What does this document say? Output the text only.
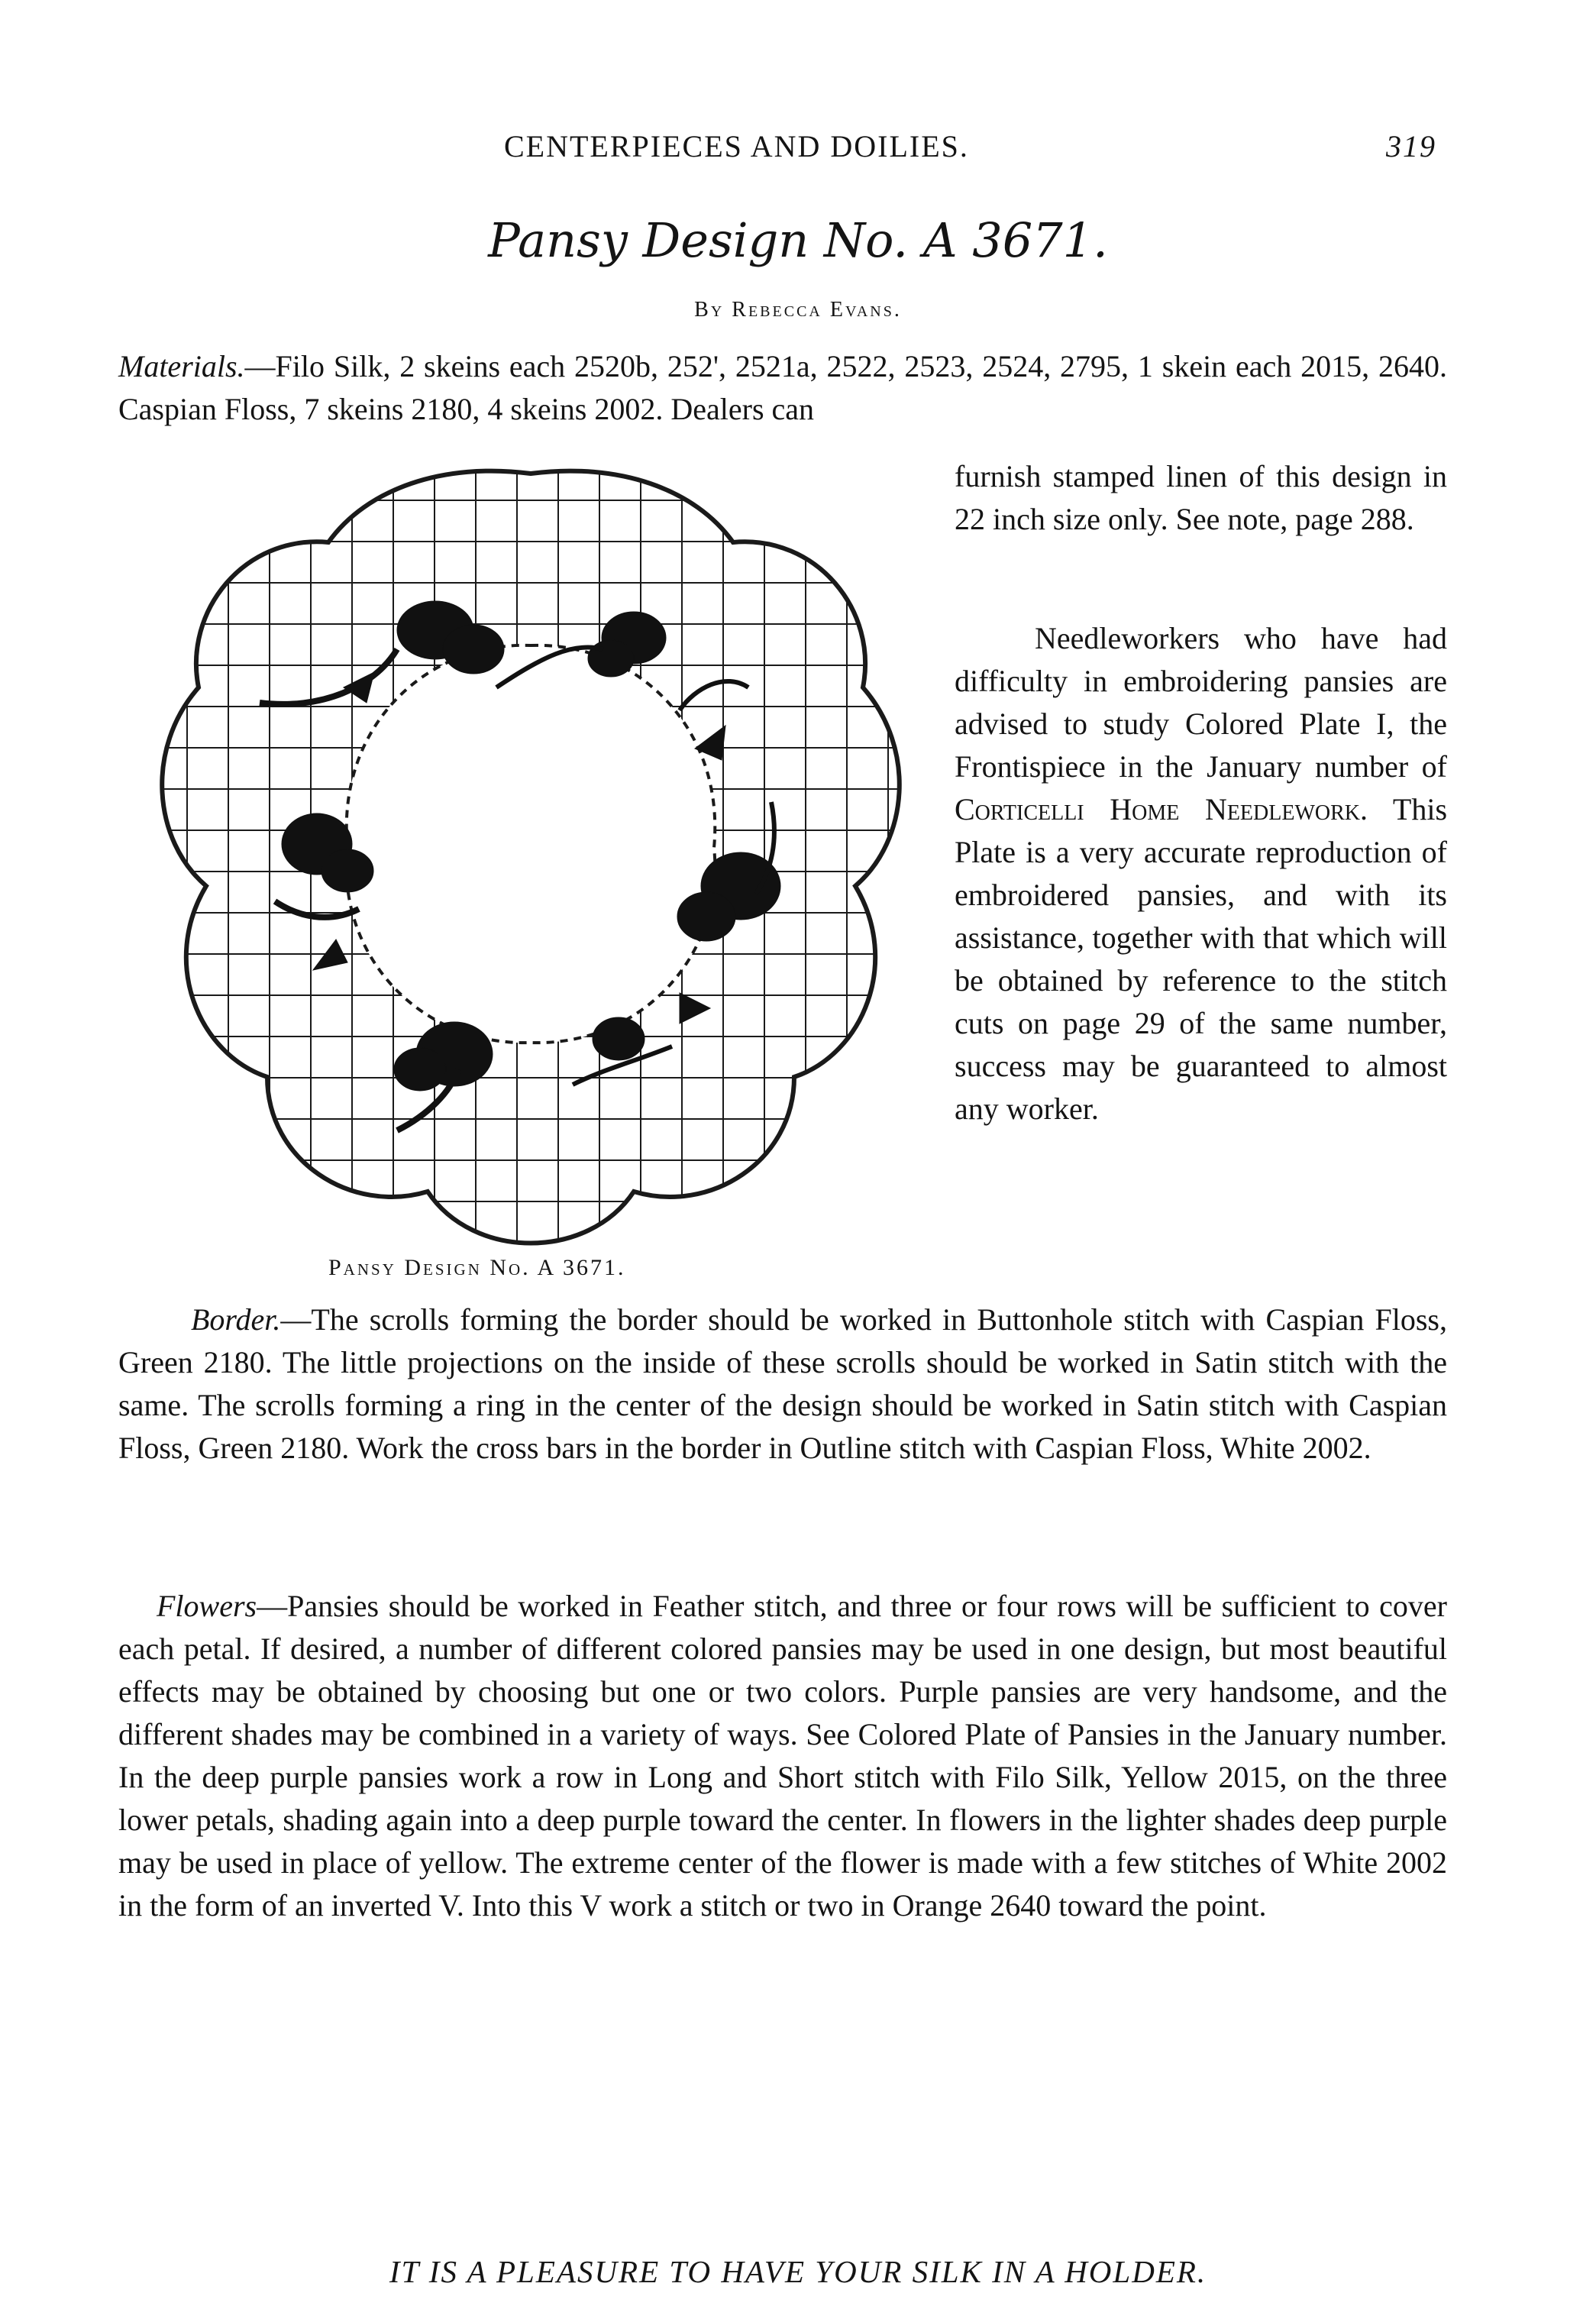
CENTERPIECES AND DOILIES.	319
Pansy Design No. A 3671.
By Rebecca Evans.
Materials.—Filo Silk, 2 skeins each 2520b, 252', 2521a, 2522, 2523, 2524, 2795, 1 skein each 2015, 2640. Caspian Floss, 7 skeins 2180, 4 skeins 2002. Dealers can
furnish stamped linen of this design in 22 inch size only. See note, page 288.
Needleworkers who have had difficulty in embroidering pansies are advised to study Colored Plate I, the Frontispiece in the January number of Corticelli Home Needlework. This Plate is a very accurate reproduction of embroidered pansies, and with its assistance, together with that which will be obtained by reference to the stitch cuts on page 29 of the same number, success may be guaranteed to almost any worker.
Pansy Design No. A 3671.
Border.—The scrolls forming the border should be worked in Buttonhole stitch with Caspian Floss, Green 2180. The little projections on the inside of these scrolls should be worked in Satin stitch with the same. The scrolls forming a ring in the center of the design should be worked in Satin stitch with Caspian Floss, Green 2180. Work the cross bars in the border in Outline stitch with Caspian Floss, White 2002.
Flowers—Pansies should be worked in Feather stitch, and three or four rows will be sufficient to cover each petal. If desired, a number of different colored pansies may be used in one design, but most beautiful effects may be obtained by choosing but one or two colors. Purple pansies are very handsome, and the different shades may be combined in a variety of ways. See Colored Plate of Pansies in the January number. In the deep purple pansies work a row in Long and Short stitch with Filo Silk, Yellow 2015, on the three lower petals, shading again into a deep purple toward the center. In flowers in the lighter shades deep purple may be used in place of yellow. The extreme center of the flower is made with a few stitches of White 2002 in the form of an inverted V. Into this V work a stitch or two in Orange 2640 toward the point.
IT IS A PLEASURE TO HAVE YOUR SILK IN A HOLDER.
